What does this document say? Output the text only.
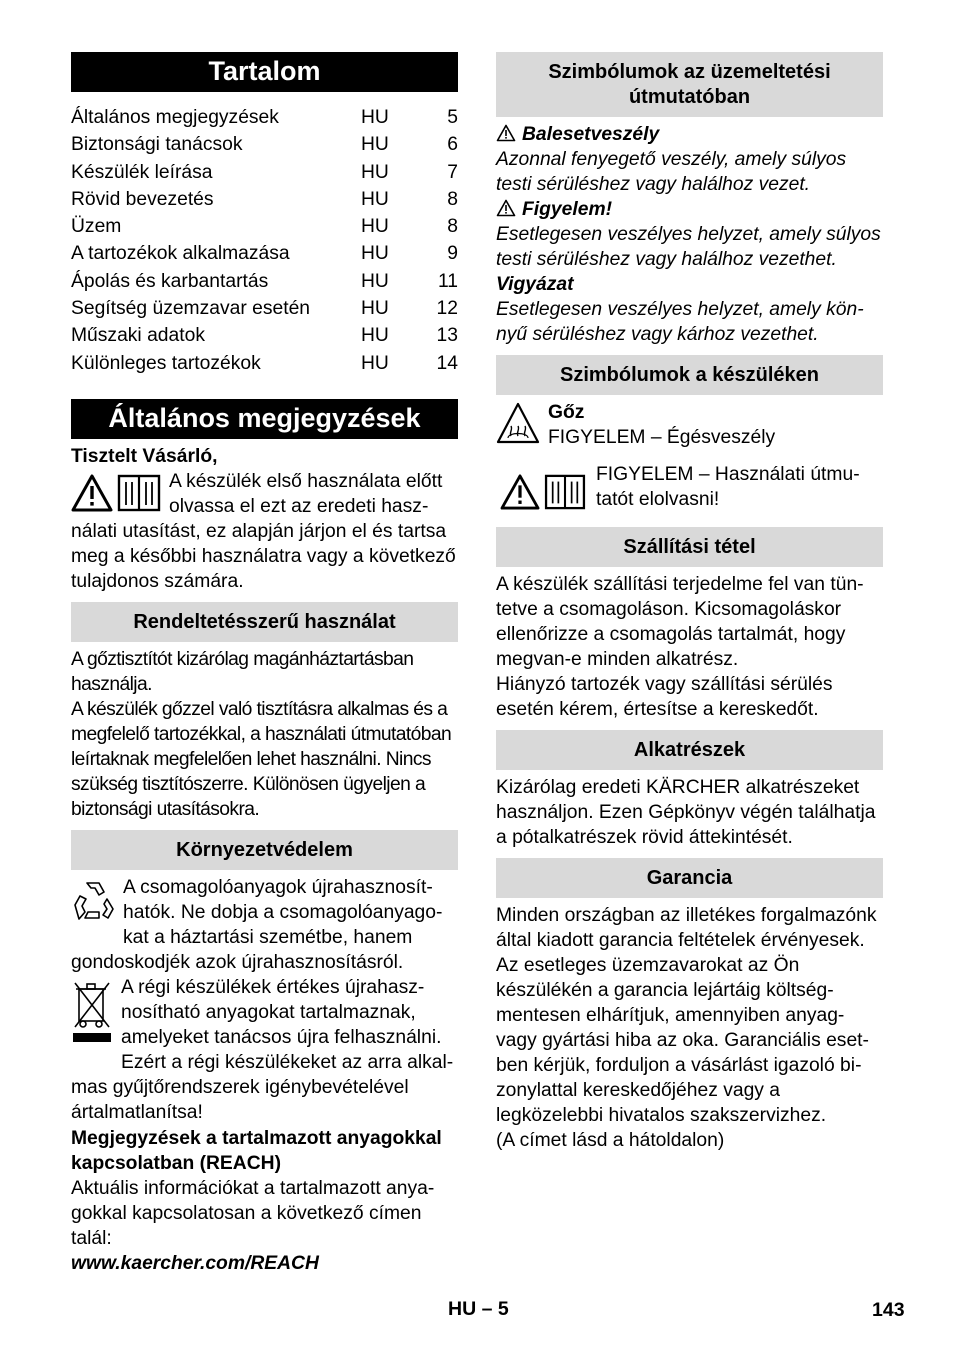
Tartalom
Általános megjegyzések	HU	5
Biztonsági tanácsok	HU	6
Készülék leírása	HU	7
Rövid bevezetés	HU	8
Üzem	HU	8
A tartozékok alkalmazása	HU	9
Ápolás és karbantartás	HU	11
Segítség üzemzavar esetén	HU	12
Műszaki adatok	HU	13
Különleges tartozékok	HU	14
Általános megjegyzések

Tisztelt Vásárló,

A készülék első használata előtt olvassa el ezt az eredeti használati utasítást, ez alapján járjon el és tartsa meg a későbbi használatra vagy a következő tulajdonos számára.
Rendeltetésszerű használat

A gőztisztítót kizárólag magánháztartásban használja.

A készülék gőzzel való tisztításra alkalmas és a megfelelő tartozékkal, a használati útmutatóban leírtaknak megfelelően lehet használni. Nincs szükség tisztítószerre. Különösen ügyeljen a biztonsági utasításokra.

Környezetvédelem
A csomagolóanyagok újrahasznosíthatók. Ne dobja a csomagolóanyagokat a háztartási szemétbe, hanem gondoskodjék azok újrahasznosításról.
A régi készülékek értékes újrahasznosítható anyagokat tartalmaznak, amelyeket tanácsos újra felhasználni. Ezért a régi készülékeket az arra alkalmas gyűjtőrendszerek igénybevételével ártalmatlanítsa!

Megjegyzések a tartalmazott anyagokkal kapcsolatban (REACH)

Aktuális információkat a tartalmazott anyagokkal kapcsolatosan a következő címen talál:

www.kaercher.com/REACH

Szimbólumok az üzemeltetési útmutatóban

Balesetveszély

Azonnal fenyegető veszély, amely súlyos testi sérüléshez vagy halálhoz vezet.

Figyelem!

Esetlegesen veszélyes helyzet, amely súlyos testi sérüléshez vagy halálhoz vezethet.

Vigyázat

Esetlegesen veszélyes helyzet, amely könnyű sérüléshez vagy kárhoz vezethet.

Szimbólumok a készüléken

Gőz

FIGYELEM – Égésveszély

FIGYELEM – Használati útmutatót elolvasni!

Szállítási tétel

A készülék szállítási terjedelme fel van tüntetve a csomagoláson. Kicsomagoláskor ellenőrizze a csomagolás tartalmát, hogy megvan-e minden alkatrész.

Hiányzó tartozék vagy szállítási sérülés esetén kérem, értesítse a kereskedőt.

Alkatrészek

Kizárólag eredeti KÄRCHER alkatrészeket használjon. Ezen Gépkönyv végén találhatja a pótalkatrészek rövid áttekintését.

Garancia

Minden országban az illetékes forgalmazónk által kiadott garancia feltételek érvényesek. Az esetleges üzemzavarokat az Ön készülékén a garancia lejártáig költségmentesen elhárítjuk, amennyiben anyag- vagy gyártási hiba az oka. Garanciális esetben kérjük, forduljon a vásárlást igazoló bizonylattal kereskedőjéhez vagy a legközelebbi hivatalos szakszervizhez.

(A címet lásd a hátoldalon)

HU – 5	143
